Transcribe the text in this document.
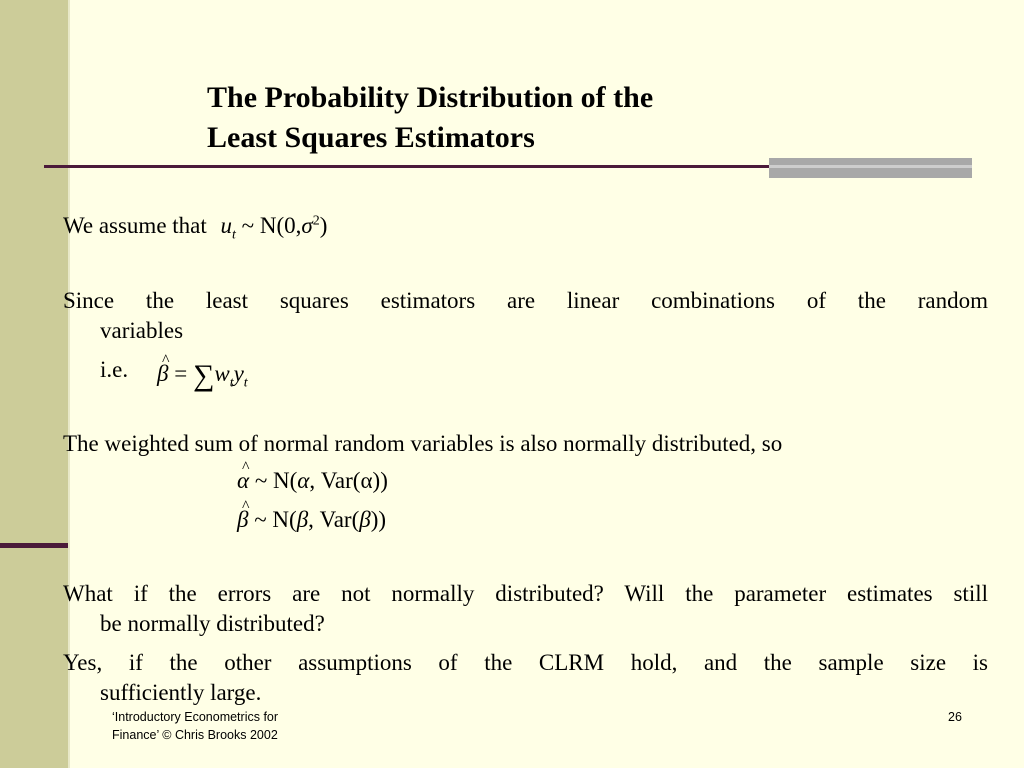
The Probability Distribution of the
Least Squares Estimators
We assume that $u_t$ ~ $N(0,\sigma^2)$
Since the least squares estimators are linear combinations of the random
variables
i.e.
^ $\beta = \sum w_ty_t$
The weighted sum of normal random variables is also normally distributed, so
^ α ~ N(α, Var(α))
^ β ~ N(β, Var(β))
What if the errors are not normally distributed? Will the parameter estimates still
be normally distributed?
Yes, if the other assumptions of the CLRM hold, and the sample size is
sufficiently large.
‘Introductory Econometrics for
Finance’ © Chris Brooks 2002
26
